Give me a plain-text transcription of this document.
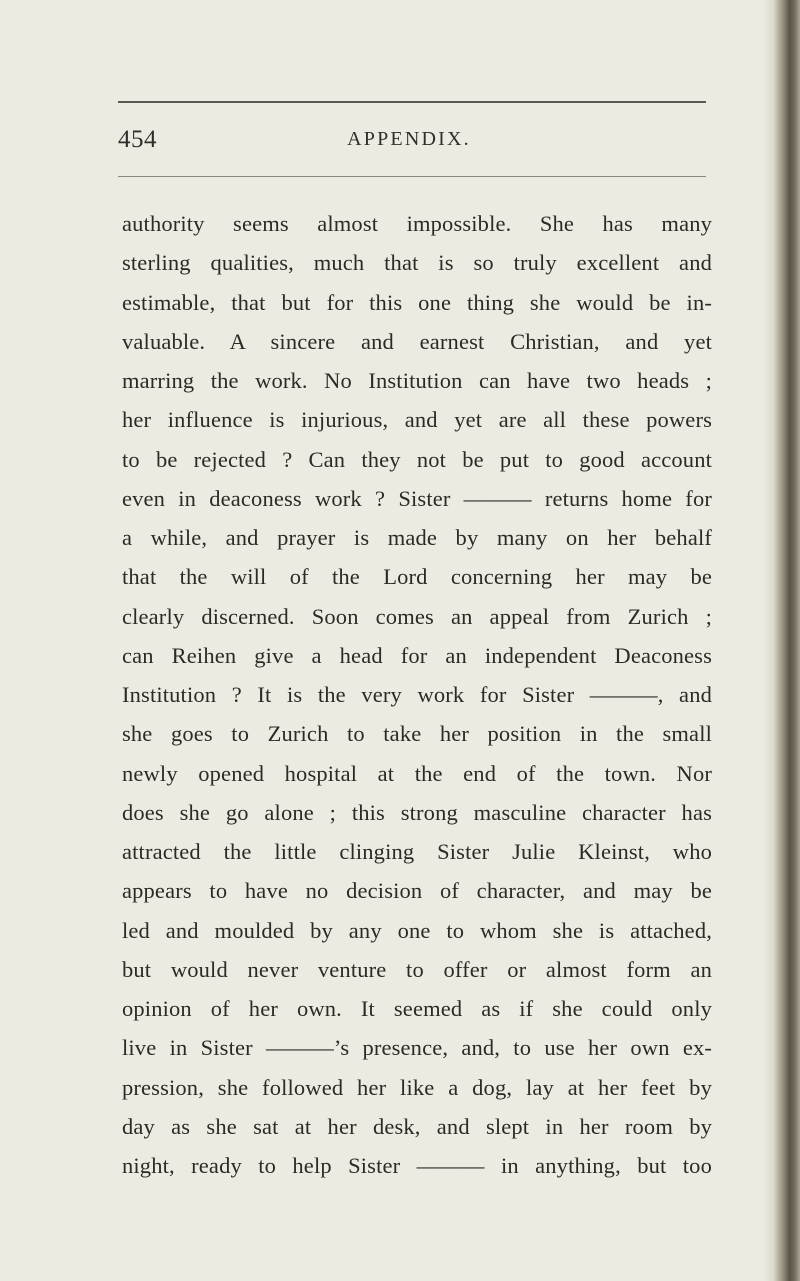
454	APPENDIX.
authority seems almost impossible. She has many
sterling qualities, much that is so truly excellent and
estimable, that but for this one thing she would be in-
valuable. A sincere and earnest Christian, and yet
marring the work. No Institution can have two heads ;
her influence is injurious, and yet are all these powers
to be rejected ? Can they not be put to good account
even in deaconess work ? Sister ——— returns home for
a while, and prayer is made by many on her behalf
that the will of the Lord concerning her may be
clearly discerned. Soon comes an appeal from Zurich ;
can Reihen give a head for an independent Deaconess
Institution ? It is the very work for Sister ———, and
she goes to Zurich to take her position in the small
newly opened hospital at the end of the town. Nor
does she go alone ; this strong masculine character has
attracted the little clinging Sister Julie Kleinst, who
appears to have no decision of character, and may be
led and moulded by any one to whom she is attached,
but would never venture to offer or almost form an
opinion of her own. It seemed as if she could only
live in Sister ———’s presence, and, to use her own ex-
pression, she followed her like a dog, lay at her feet by
day as she sat at her desk, and slept in her room by
night, ready to help Sister ——— in anything, but too
